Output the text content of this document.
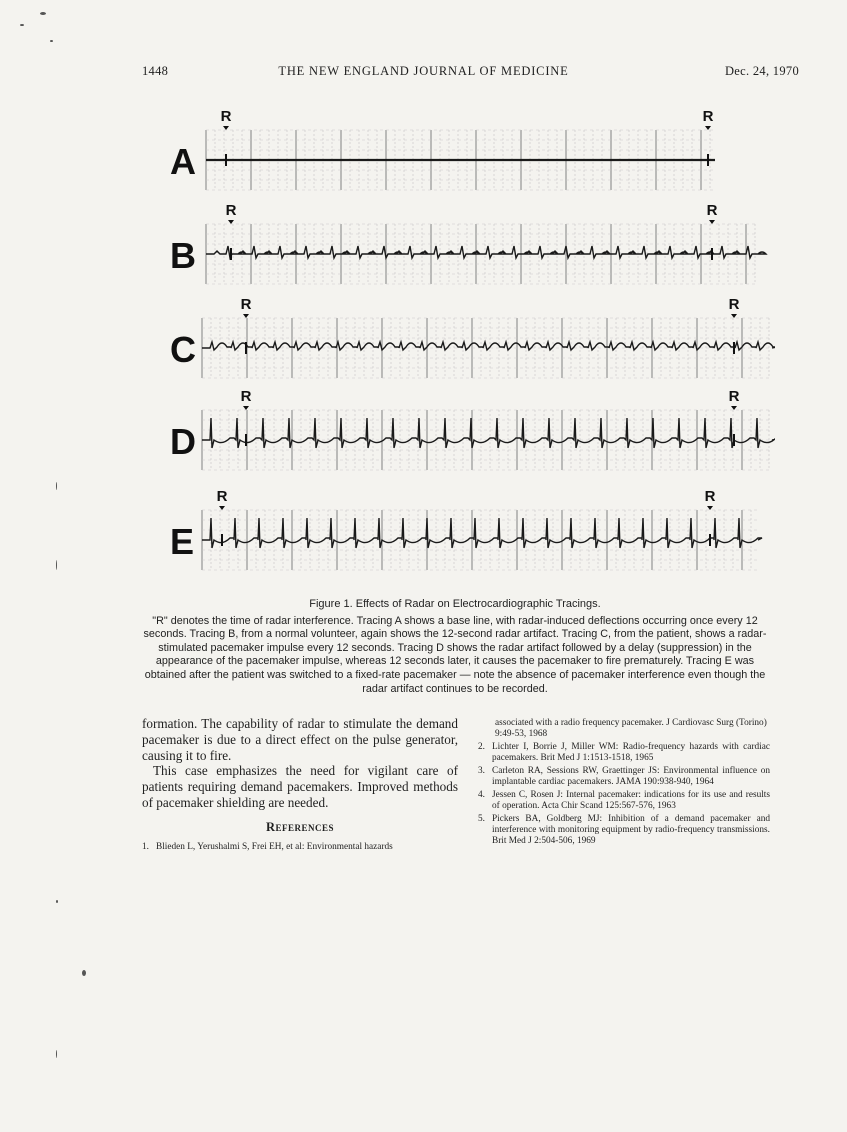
1448	THE NEW ENGLAND JOURNAL OF MEDICINE	Dec. 24, 1970
R	R
A
R	R
B
R	R
C
R	R
D
R	R
E
Figure 1. Effects of Radar on Electrocardiographic Tracings.
"R" denotes the time of radar interference. Tracing A shows a base line, with radar-induced deflections occurring once every 12 seconds. Tracing B, from a normal volunteer, again shows the 12-second radar artifact. Tracing C, from the patient, shows a radar-stimulated pacemaker impulse every 12 seconds. Tracing D shows the radar artifact followed by a delay (suppression) in the appearance of the pacemaker impulse, whereas 12 seconds later, it causes the pacemaker to fire prematurely. Tracing E was obtained after the patient was switched to a fixed-rate pacemaker — note the absence of pacemaker interference even though the radar artifact continues to be recorded.

formation. The capability of radar to stimulate the demand pacemaker is due to a direct effect on the pulse generator, causing it to fire.

This case emphasizes the need for vigilant care of patients requiring demand pacemakers. Improved methods of pacemaker shielding are needed.

References
1. Blieden L, Yerushalmi S, Frei EH, et al: Environmental hazards
associated with a radio frequency pacemaker. J Cardiovasc Surg (Torino) 9:49-53, 1968
2. Lichter I, Borrie J, Miller WM: Radio-frequency hazards with cardiac pacemakers. Brit Med J 1:1513-1518, 1965
3. Carleton RA, Sessions RW, Graettinger JS: Environmental influence on implantable cardiac pacemakers. JAMA 190:938-940, 1964
4. Jessen C, Rosen J: Internal pacemaker: indications for its use and results of operation. Acta Chir Scand 125:567-576, 1963
5. Pickers BA, Goldberg MJ: Inhibition of a demand pacemaker and interference with monitoring equipment by radio-frequency transmissions. Brit Med J 2:504-506, 1969
